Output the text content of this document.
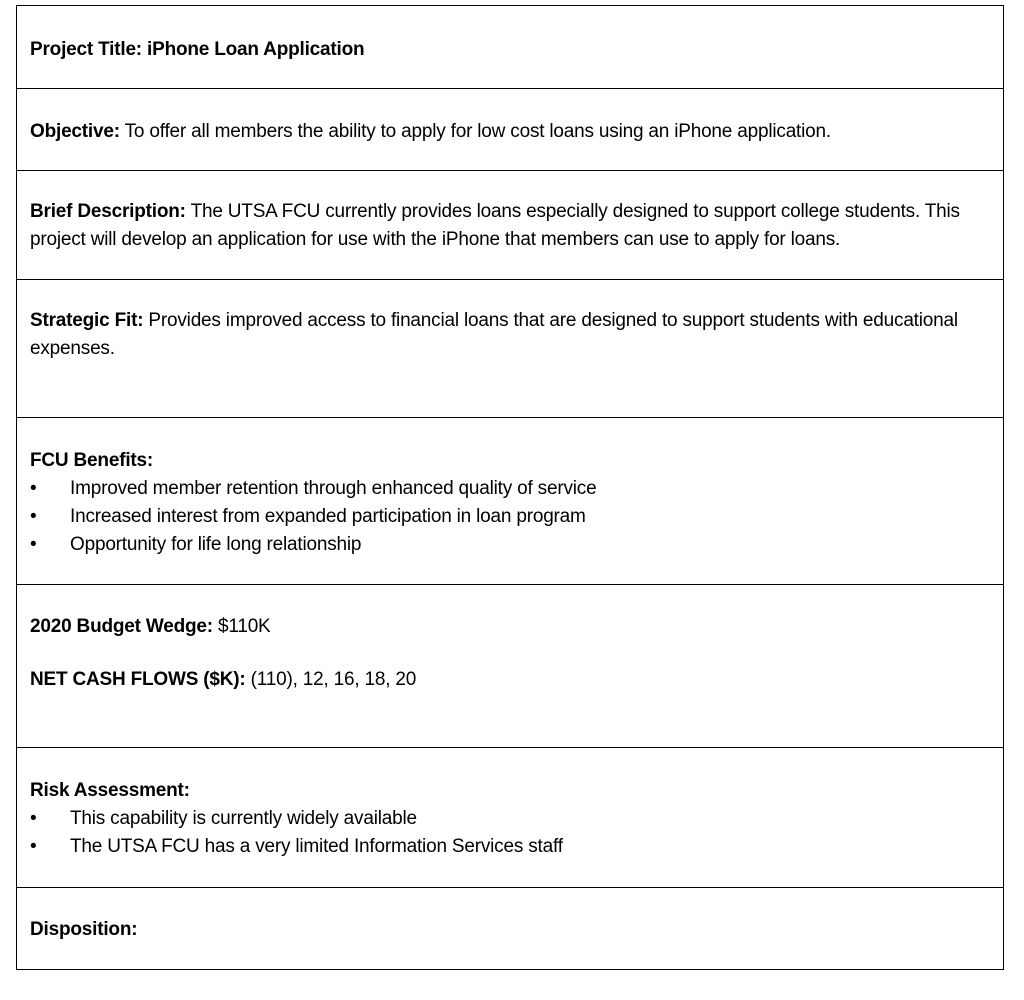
Project Title: iPhone Loan Application

Objective: To offer all members the ability to apply for low cost loans using an iPhone application.

Brief Description: The UTSA FCU currently provides loans especially designed to support college students. This project will develop an application for use with the iPhone that members can use to apply for loans.

Strategic Fit: Provides improved access to financial loans that are designed to support students with educational expenses.

FCU Benefits:

• Improved member retention through enhanced quality of service
• Increased interest from expanded participation in loan program
• Opportunity for life long relationship

2020 Budget Wedge: $110K

NET CASH FLOWS ($K): (110), 12, 16, 18, 20

Risk Assessment:

• This capability is currently widely available
• The UTSA FCU has a very limited Information Services staff

Disposition:
